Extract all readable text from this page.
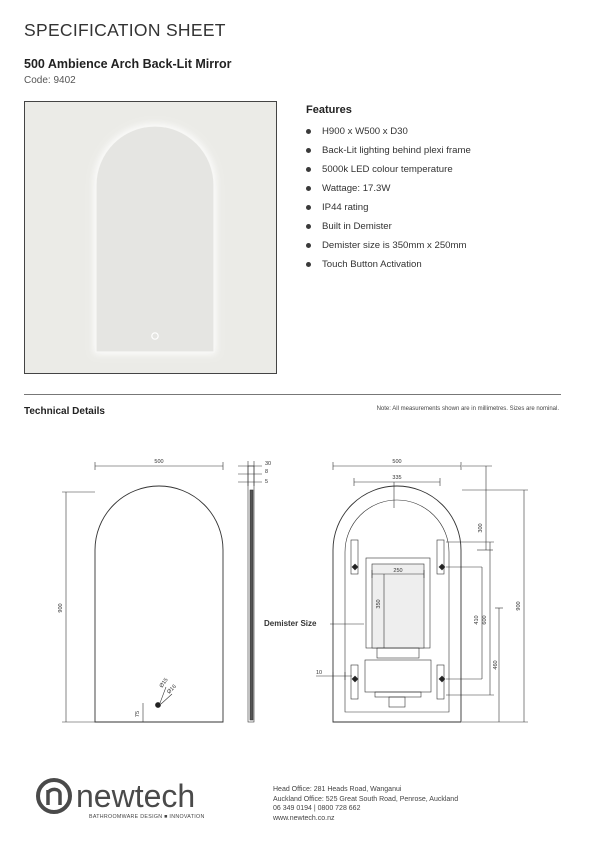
SPECIFICATION SHEET
500 Ambience Arch Back-Lit Mirror
Code: 9402
Features
H900 x W500 x D30
Back-Lit lighting behind plexi frame
5000k LED colour temperature
Wattage: 17.3W
IP44 rating
Built in Demister
Demister size is 350mm x 250mm
Touch Button Activation
Technical Details	Note: All measurements shown are in millimetres. Sizes are nominal.
500
900
75
Ø15
Ø16
30
8
5
500
335
250
350
300
410 600
460
900
10
Demister Size
newtech
BATHROOMWARE DESIGN ■ INNOVATION
Head Office: 281 Heads Road, Wanganui
Auckland Office: 525 Great South Road, Penrose, Auckland
06 349 0194 | 0800 728 662
www.newtech.co.nz
